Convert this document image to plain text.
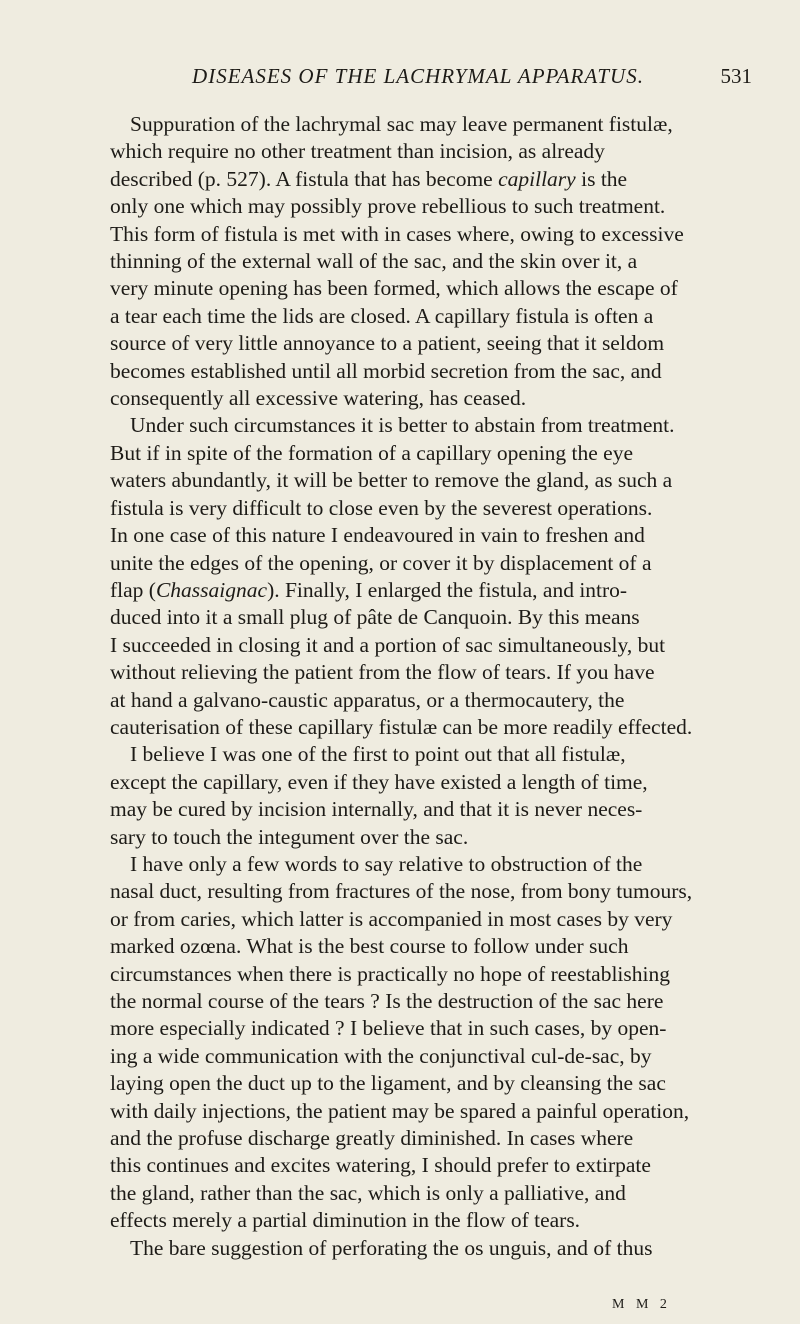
DISEASES OF THE LACHRYMAL APPARATUS.	531
Suppuration of the lachrymal sac may leave permanent fistulæ,
which require no other treatment than incision, as already
described (p. 527). A fistula that has become capillary is the
only one which may possibly prove rebellious to such treatment.
This form of fistula is met with in cases where, owing to excessive
thinning of the external wall of the sac, and the skin over it, a
very minute opening has been formed, which allows the escape of
a tear each time the lids are closed. A capillary fistula is often a
source of very little annoyance to a patient, seeing that it seldom
becomes established until all morbid secretion from the sac, and
consequently all excessive watering, has ceased.
Under such circumstances it is better to abstain from treatment.
But if in spite of the formation of a capillary opening the eye
waters abundantly, it will be better to remove the gland, as such a
fistula is very difficult to close even by the severest operations.
In one case of this nature I endeavoured in vain to freshen and
unite the edges of the opening, or cover it by displacement of a
flap (Chassaignac). Finally, I enlarged the fistula, and intro-
duced into it a small plug of pâte de Canquoin. By this means
I succeeded in closing it and a portion of sac simultaneously, but
without relieving the patient from the flow of tears. If you have
at hand a galvano-caustic apparatus, or a thermocautery, the
cauterisation of these capillary fistulæ can be more readily effected.
I believe I was one of the first to point out that all fistulæ,
except the capillary, even if they have existed a length of time,
may be cured by incision internally, and that it is never neces-
sary to touch the integument over the sac.
I have only a few words to say relative to obstruction of the
nasal duct, resulting from fractures of the nose, from bony tumours,
or from caries, which latter is accompanied in most cases by very
marked ozœna. What is the best course to follow under such
circumstances when there is practically no hope of reestablishing
the normal course of the tears ? Is the destruction of the sac here
more especially indicated ? I believe that in such cases, by open-
ing a wide communication with the conjunctival cul-de-sac, by
laying open the duct up to the ligament, and by cleansing the sac
with daily injections, the patient may be spared a painful operation,
and the profuse discharge greatly diminished. In cases where
this continues and excites watering, I should prefer to extirpate
the gland, rather than the sac, which is only a palliative, and
effects merely a partial diminution in the flow of tears.
The bare suggestion of perforating the os unguis, and of thus
M M 2
